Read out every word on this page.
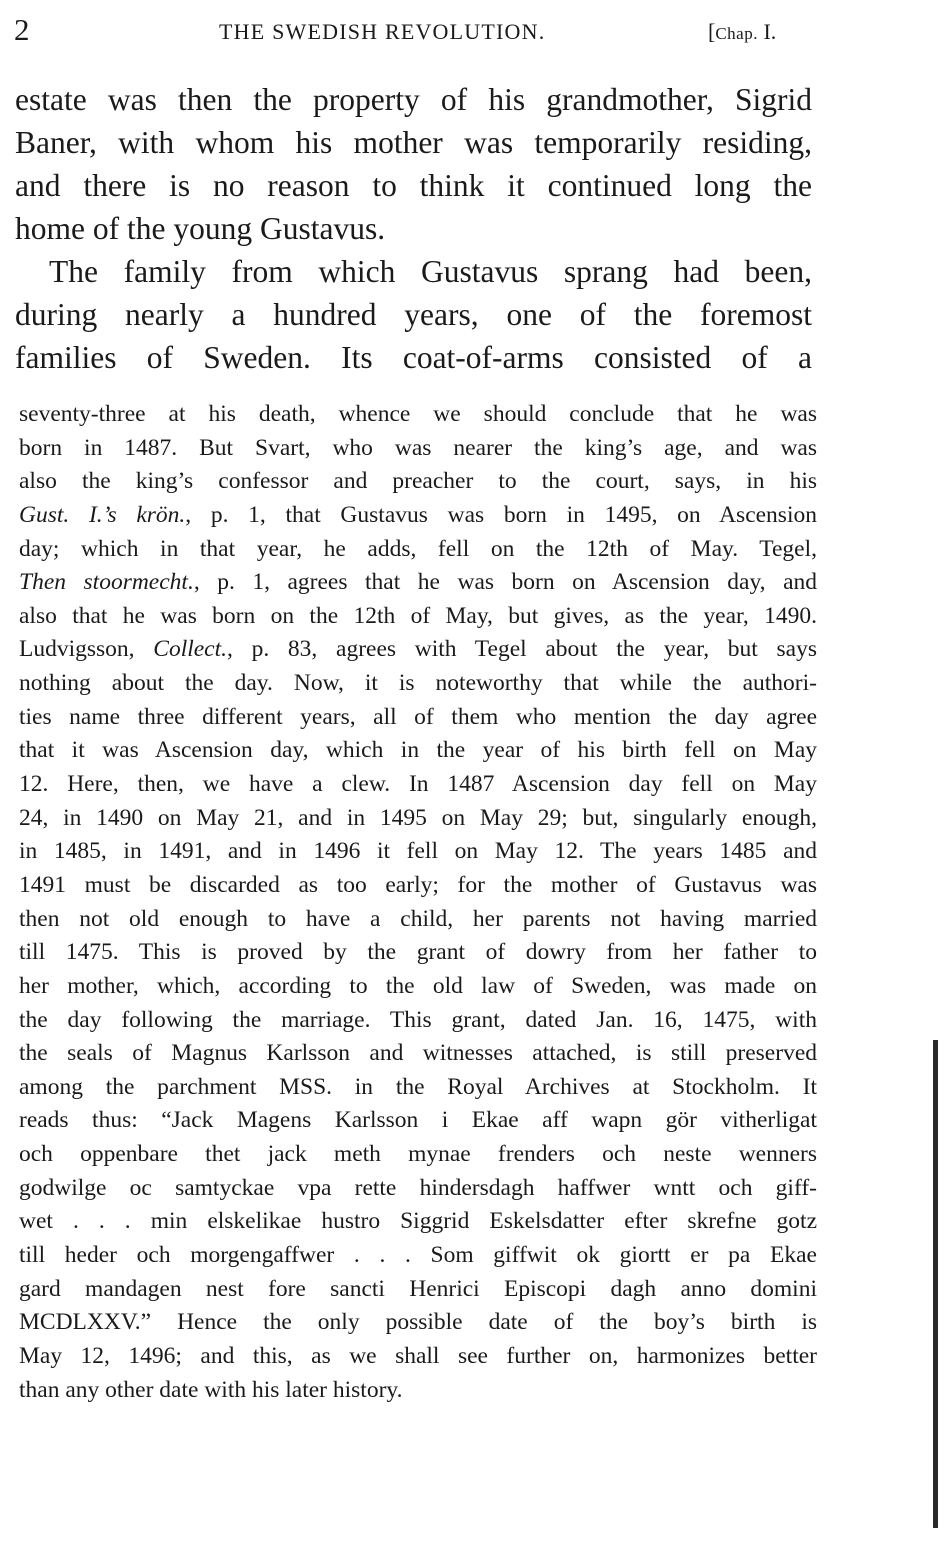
2	THE SWEDISH REVOLUTION.	[Chap. I.
estate was then the property of his grandmother, Sigrid
Baner, with whom his mother was temporarily residing,
and there is no reason to think it continued long the
home of the young Gustavus.
The family from which Gustavus sprang had been,
during nearly a hundred years, one of the foremost
families of Sweden. Its coat-of-arms consisted of a
seventy-three at his death, whence we should conclude that he was
born in 1487. But Svart, who was nearer the king’s age, and was
also the king’s confessor and preacher to the court, says, in his
Gust. I.’s krön., p. 1, that Gustavus was born in 1495, on Ascension
day; which in that year, he adds, fell on the 12th of May. Tegel,
Then stoormecht., p. 1, agrees that he was born on Ascension day, and
also that he was born on the 12th of May, but gives, as the year, 1490.
Ludvigsson, Collect., p. 83, agrees with Tegel about the year, but says
nothing about the day. Now, it is noteworthy that while the authori-
ties name three different years, all of them who mention the day agree
that it was Ascension day, which in the year of his birth fell on May
12. Here, then, we have a clew. In 1487 Ascension day fell on May
24, in 1490 on May 21, and in 1495 on May 29; but, singularly enough,
in 1485, in 1491, and in 1496 it fell on May 12. The years 1485 and
1491 must be discarded as too early; for the mother of Gustavus was
then not old enough to have a child, her parents not having married
till 1475. This is proved by the grant of dowry from her father to
her mother, which, according to the old law of Sweden, was made on
the day following the marriage. This grant, dated Jan. 16, 1475, with
the seals of Magnus Karlsson and witnesses attached, is still preserved
among the parchment MSS. in the Royal Archives at Stockholm. It
reads thus: “Jack Magens Karlsson i Ekae aff wapn gör vitherligat
och oppenbare thet jack meth mynae frenders och neste wenners
godwilge oc samtyckae vpa rette hindersdagh haffwer wntt och giff-
wet . . . min elskelikae hustro Siggrid Eskelsdatter efter skrefne gotz
till heder och morgengaffwer . . . Som giffwit ok giortt er pa Ekae
gard mandagen nest fore sancti Henrici Episcopi dagh anno domini
MCDLXXV.” Hence the only possible date of the boy’s birth is
May 12, 1496; and this, as we shall see further on, harmonizes better
than any other date with his later history.
